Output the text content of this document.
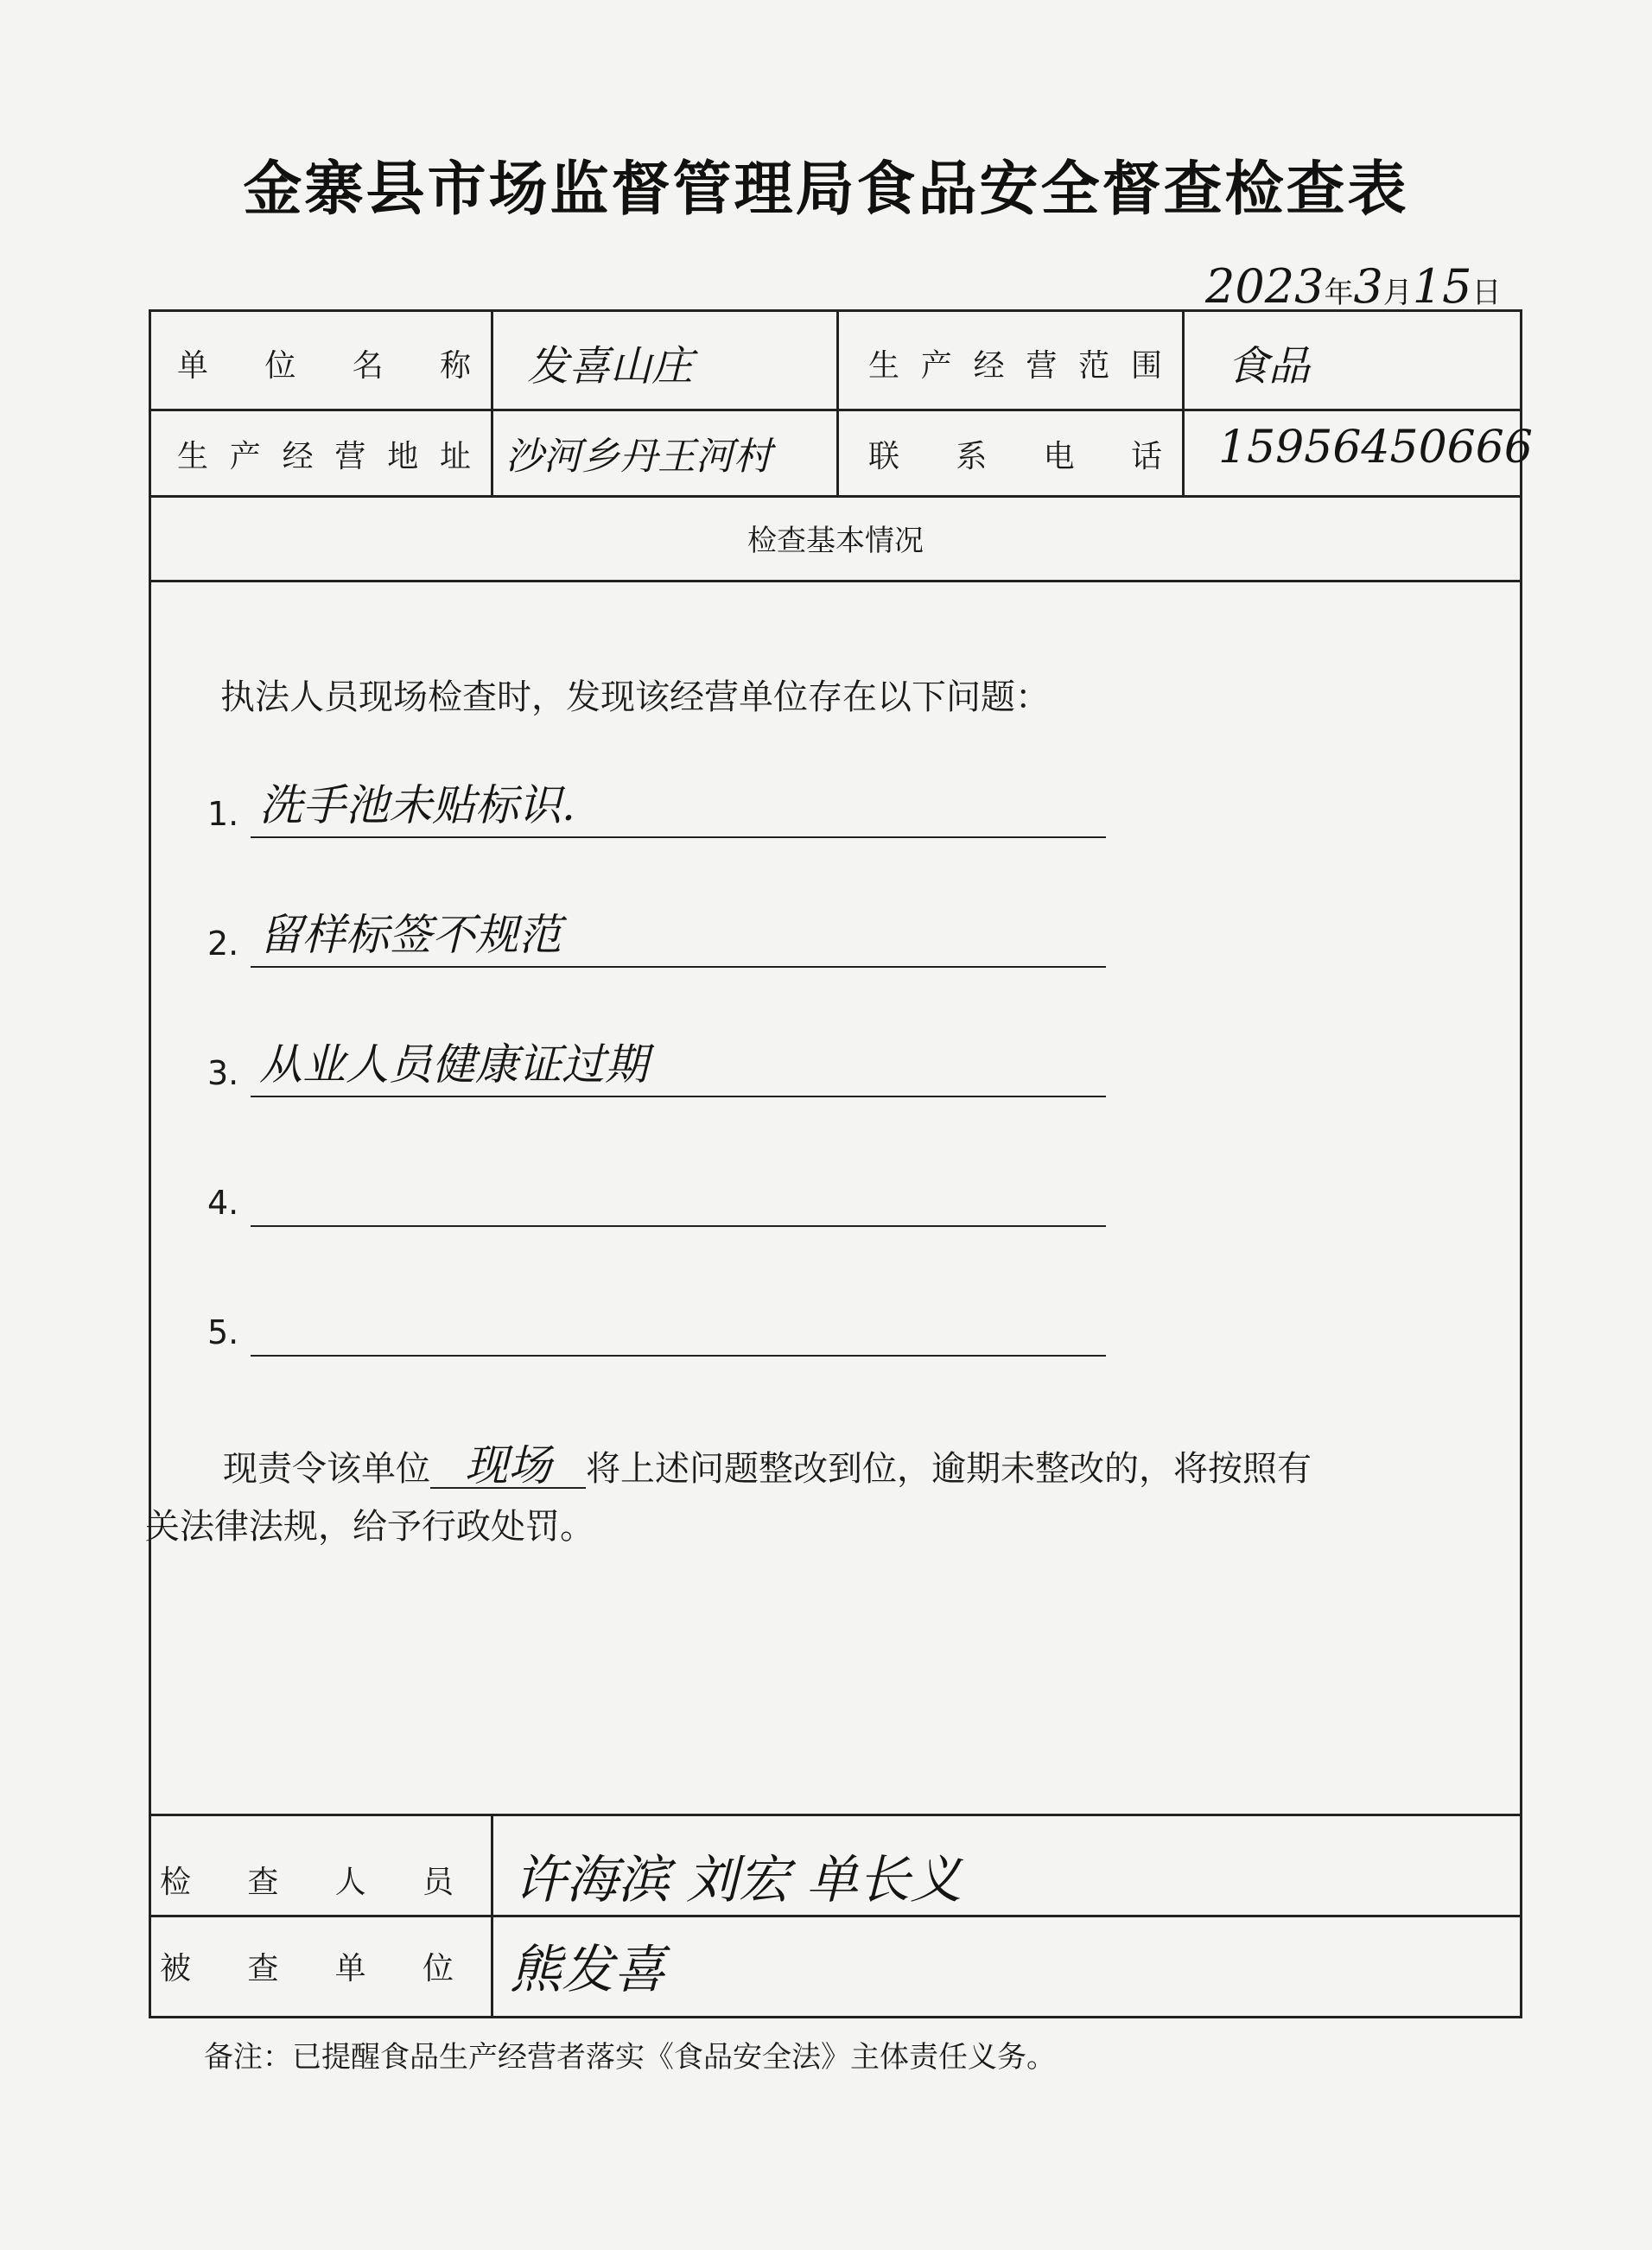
金寨县市场监督管理局食品安全督查检查表
2023年3月15日
单 位 名 称 发喜山庄	生 产 经 营 范 围 食品
生 产 经 营 地 址 沙河乡丹王河村	联 系 电 话 15956450666
检查基本情况
执法人员现场检查时，发现该经营单位存在以下问题：
1. 洗手池未贴标识.
2. 留样标签不规范
3. 从业人员健康证过期
4.
5.
现责令该单位 现场 将上述问题整改到位，逾期未整改的，将按照有
关法律法规，给予行政处罚。
检 查 人 员 许海滨 刘宏 单长义
被 查 单 位 熊发喜
备注：已提醒食品生产经营者落实《食品安全法》主体责任义务。
